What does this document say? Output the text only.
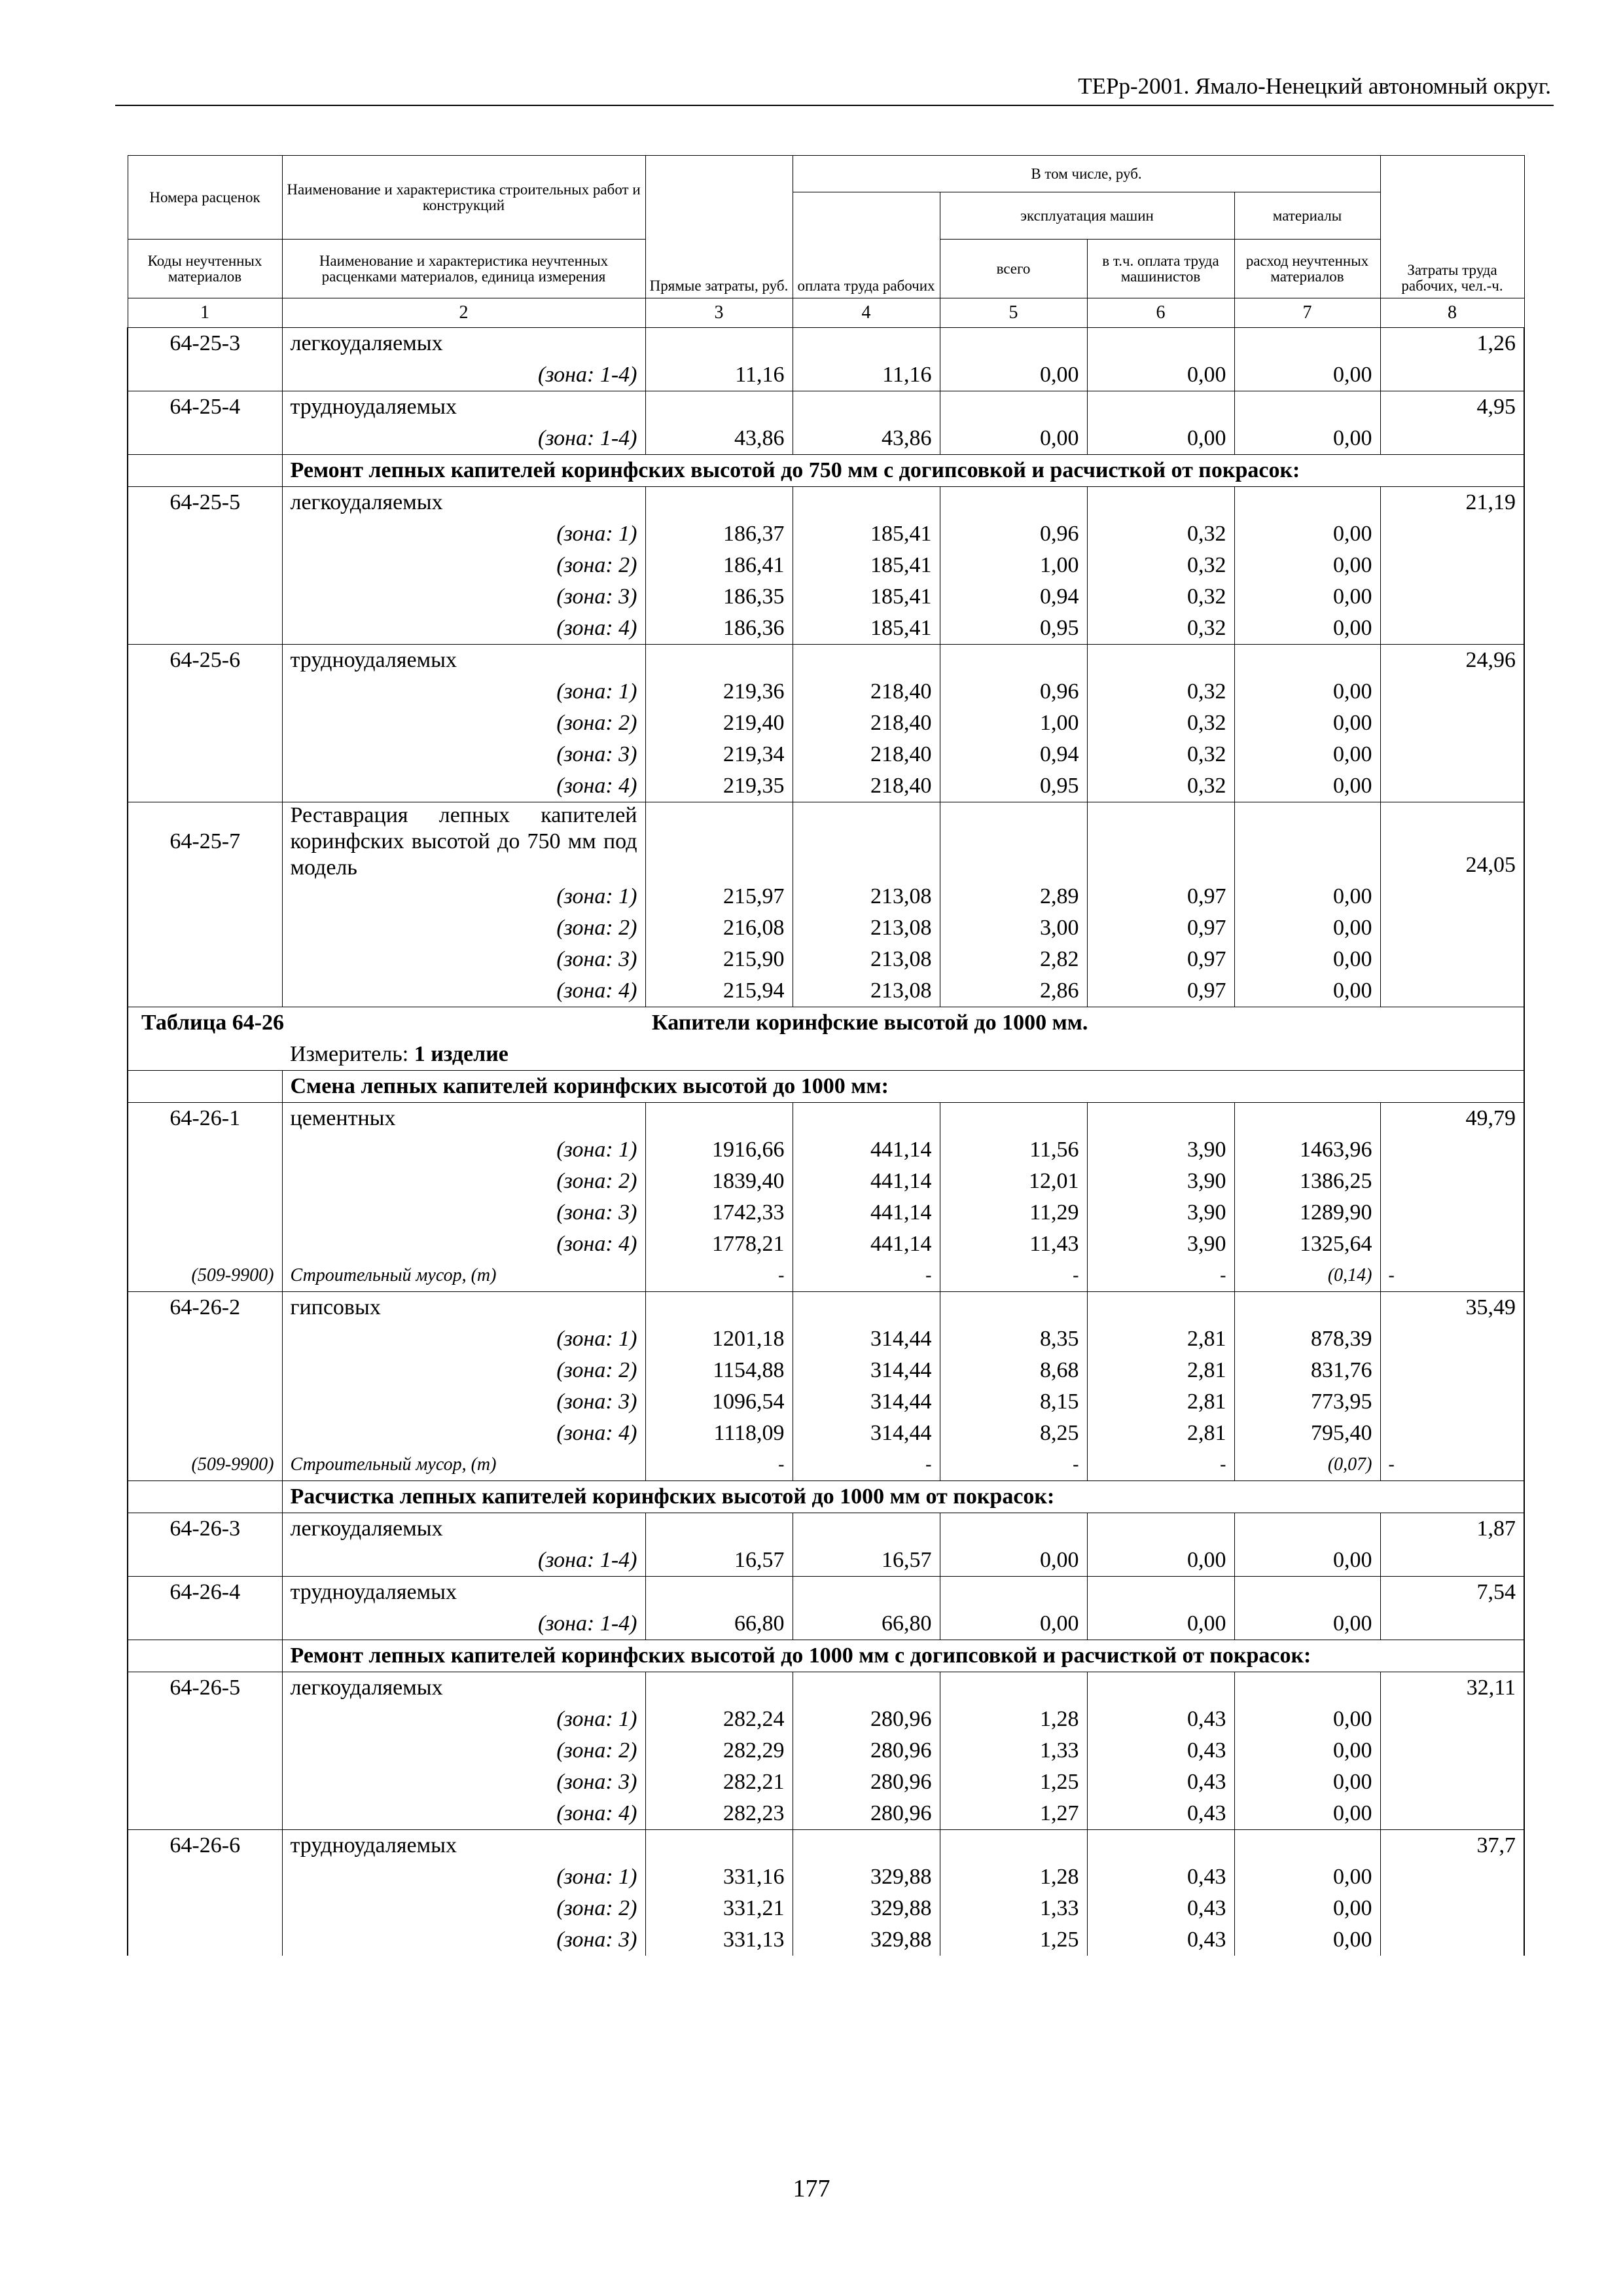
ТЕРр-2001. Ямало-Ненецкий автономный округ.
Номера расценок	Наименование и характеристика строительных работ и конструкций	Прямые затраты, руб.	В том числе, руб.				Затраты труда рабочих, чел.-ч.
			оплата труда рабочих	эксплуатация машин		материалы	
Коды неучтенных материалов	Наименование и характеристика неучтенных расценками материалов, единица измерения			всего	в т.ч. оплата труда машинистов	расход неучтенных материалов	
1	2	3	4	5	6	7	8
64-25-3	легкоудаляемых						1,26
	(зона: 1-4)	11,16	11,16	0,00	0,00	0,00	
64-25-4	трудноудаляемых						4,95
	(зона: 1-4)	43,86	43,86	0,00	0,00	0,00	
	Ремонт лепных капителей коринфских высотой до 750 мм с догипсовкой и расчисткой от покрасок:						
64-25-5	легкоудаляемых						21,19
	(зона: 1)	186,37	185,41	0,96	0,32	0,00	
	(зона: 2)	186,41	185,41	1,00	0,32	0,00	
	(зона: 3)	186,35	185,41	0,94	0,32	0,00	
	(зона: 4)	186,36	185,41	0,95	0,32	0,00	
64-25-6	трудноудаляемых						24,96
	(зона: 1)	219,36	218,40	0,96	0,32	0,00	
	(зона: 2)	219,40	218,40	1,00	0,32	0,00	
	(зона: 3)	219,34	218,40	0,94	0,32	0,00	
	(зона: 4)	219,35	218,40	0,95	0,32	0,00	
64-25-7	Реставрация лепных капителей коринфских высотой до 750 мм под модель						24,05
	(зона: 1)	215,97	213,08	2,89	0,97	0,00	
	(зона: 2)	216,08	213,08	3,00	0,97	0,00	
	(зона: 3)	215,90	213,08	2,82	0,97	0,00	
	(зона: 4)	215,94	213,08	2,86	0,97	0,00	
Таблица 64-26		Капители коринфские высотой до 1000 мм.					
	Измеритель: 1 изделие						
	Смена лепных капителей коринфских высотой до 1000 мм:						
64-26-1	цементных						49,79
	(зона: 1)	1916,66	441,14	11,56	3,90	1463,96	
	(зона: 2)	1839,40	441,14	12,01	3,90	1386,25	
	(зона: 3)	1742,33	441,14	11,29	3,90	1289,90	
	(зона: 4)	1778,21	441,14	11,43	3,90	1325,64	
(509-9900)	Строительный мусор, (т)	-	-	-	-	(0,14)	-
64-26-2	гипсовых						35,49
	(зона: 1)	1201,18	314,44	8,35	2,81	878,39	
	(зона: 2)	1154,88	314,44	8,68	2,81	831,76	
	(зона: 3)	1096,54	314,44	8,15	2,81	773,95	
	(зона: 4)	1118,09	314,44	8,25	2,81	795,40	
(509-9900)	Строительный мусор, (т)	-	-	-	-	(0,07)	-
	Расчистка лепных капителей коринфских высотой до 1000 мм от покрасок:						
64-26-3	легкоудаляемых						1,87
	(зона: 1-4)	16,57	16,57	0,00	0,00	0,00	
64-26-4	трудноудаляемых						7,54
	(зона: 1-4)	66,80	66,80	0,00	0,00	0,00	
	Ремонт лепных капителей коринфских высотой до 1000 мм с догипсовкой и расчисткой от покрасок:						
64-26-5	легкоудаляемых						32,11
	(зона: 1)	282,24	280,96	1,28	0,43	0,00	
	(зона: 2)	282,29	280,96	1,33	0,43	0,00	
	(зона: 3)	282,21	280,96	1,25	0,43	0,00	
	(зона: 4)	282,23	280,96	1,27	0,43	0,00	
64-26-6	трудноудаляемых						37,7
	(зона: 1)	331,16	329,88	1,28	0,43	0,00	
	(зона: 2)	331,21	329,88	1,33	0,43	0,00	
	(зона: 3)	331,13	329,88	1,25	0,43	0,00	
177
